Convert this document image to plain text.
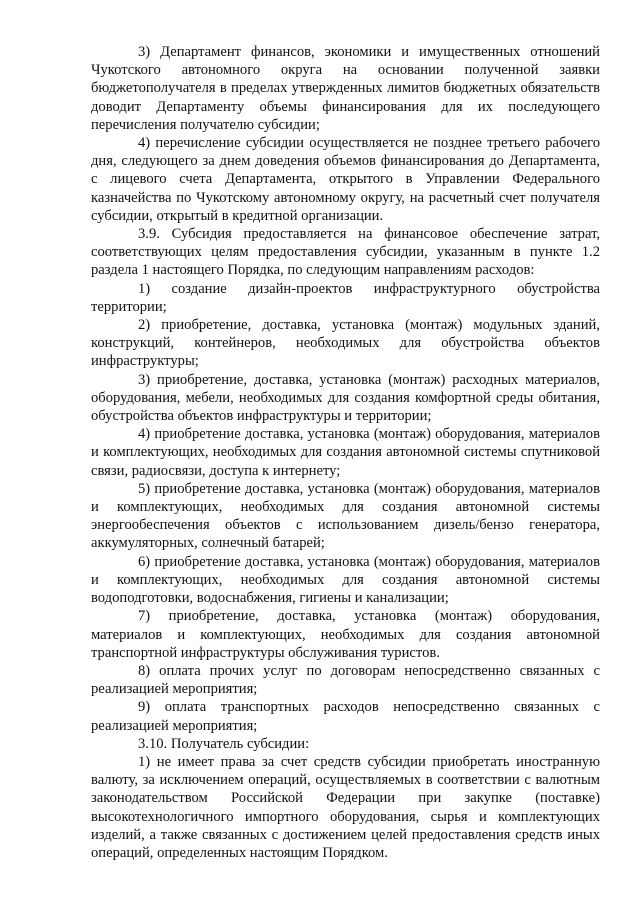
3) Департамент финансов, экономики и имущественных отношений Чукотского автономного округа на основании полученной заявки бюджетополучателя в пределах утвержденных лимитов бюджетных обязательств доводит Департаменту объемы финансирования для их последующего перечисления получателю субсидии;

4) перечисление субсидии осуществляется не позднее третьего рабочего дня, следующего за днем доведения объемов финансирования до Департамента, с лицевого счета Департамента, открытого в Управлении Федерального казначейства по Чукотскому автономному округу, на расчетный счет получателя субсидии, открытый в кредитной организации.

3.9. Субсидия предоставляется на финансовое обеспечение затрат, соответствующих целям предоставления субсидии, указанным в пункте 1.2 раздела 1 настоящего Порядка, по следующим направлениям расходов:

1) создание дизайн-проектов инфраструктурного обустройства территории;

2) приобретение, доставка, установка (монтаж) модульных зданий, конструкций, контейнеров, необходимых для обустройства объектов инфраструктуры;

3) приобретение, доставка, установка (монтаж) расходных материалов, оборудования, мебели, необходимых для создания комфортной среды обитания, обустройства объектов инфраструктуры и территории;

4) приобретение доставка, установка (монтаж) оборудования, материалов и комплектующих, необходимых для создания автономной системы спутниковой связи, радиосвязи, доступа к интернету;

5) приобретение доставка, установка (монтаж) оборудования, материалов и комплектующих, необходимых для создания автономной системы энергообеспечения объектов с использованием дизель/бензо генератора, аккумуляторных, солнечный батарей;

6) приобретение доставка, установка (монтаж) оборудования, материалов и комплектующих, необходимых для создания автономной системы водоподготовки, водоснабжения, гигиены и канализации;

7) приобретение, доставка, установка (монтаж) оборудования, материалов и комплектующих, необходимых для создания автономной транспортной инфраструктуры обслуживания туристов.

8) оплата прочих услуг по договорам непосредственно связанных с реализацией мероприятия;

9) оплата транспортных расходов непосредственно связанных с реализацией мероприятия;

3.10. Получатель субсидии:

1) не имеет права за счет средств субсидии приобретать иностранную валюту, за исключением операций, осуществляемых в соответствии с валютным законодательством Российской Федерации при закупке (поставке) высокотехнологичного импортного оборудования, сырья и комплектующих изделий, а также связанных с достижением целей предоставления средств иных операций, определенных настоящим Порядком.
